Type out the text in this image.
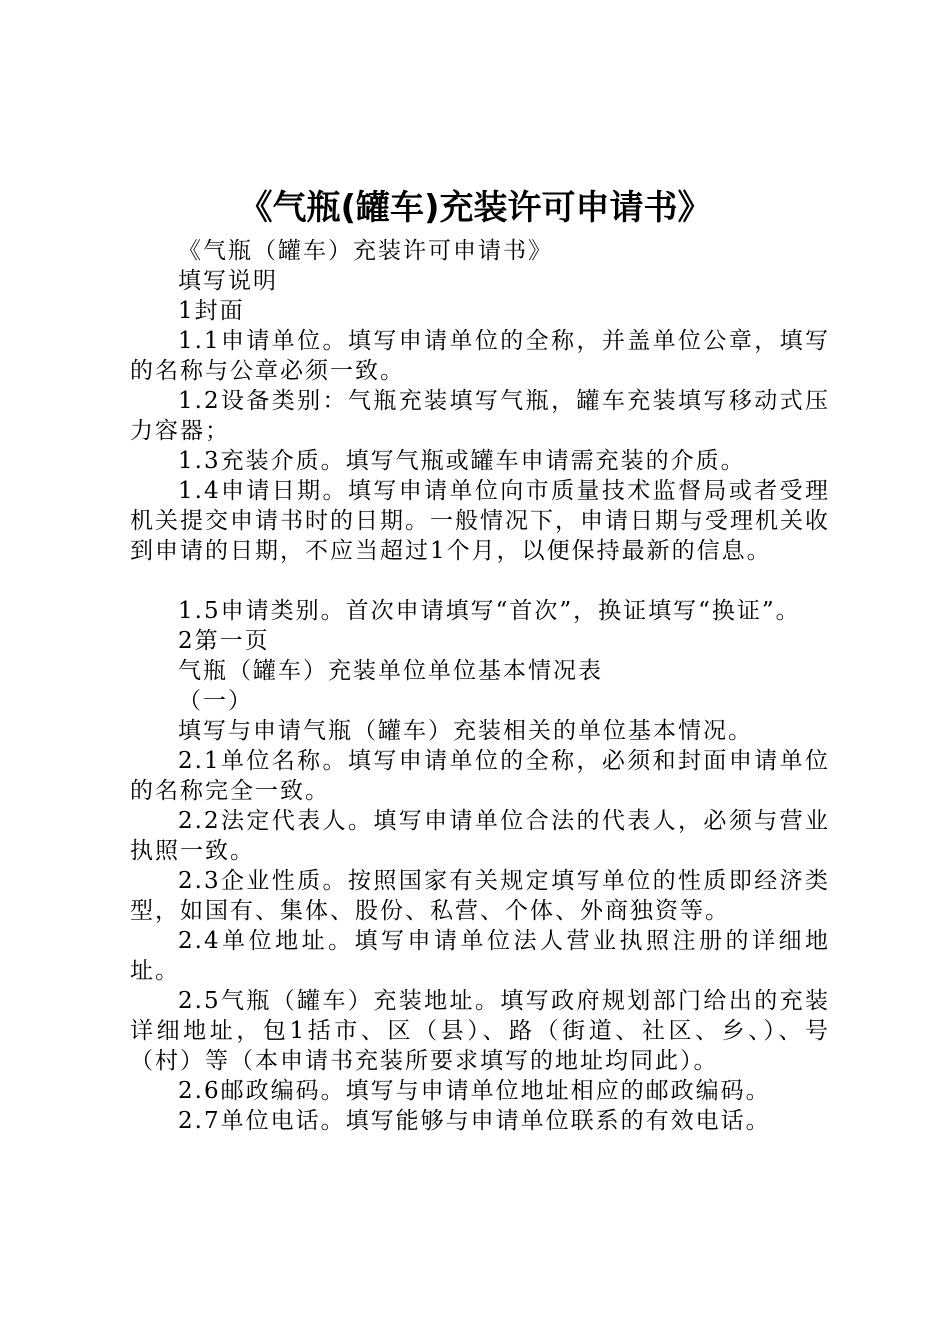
《气瓶(罐车)充装许可申请书》

《气瓶（罐车）充装许可申请书》

填写说明

1封面

1.1申请单位。填写申请单位的全称，并盖单位公章，填写的名称与公章必须一致。

1.2设备类别：气瓶充装填写气瓶，罐车充装填写移动式压力容器；

1.3充装介质。填写气瓶或罐车申请需充装的介质。

1.4申请日期。填写申请单位向市质量技术监督局或者受理机关提交申请书时的日期。一般情况下，申请日期与受理机关收到申请的日期，不应当超过1个月，以便保持最新的信息。

1.5申请类别。首次申请填写“首次”，换证填写“换证”。

2第一页

气瓶（罐车）充装单位单位基本情况表

（一）

填写与申请气瓶（罐车）充装相关的单位基本情况。

2.1单位名称。填写申请单位的全称，必须和封面申请单位的名称完全一致。

2.2法定代表人。填写申请单位合法的代表人，必须与营业执照一致。

2.3企业性质。按照国家有关规定填写单位的性质即经济类型，如国有、集体、股份、私营、个体、外商独资等。

2.4单位地址。填写申请单位法人营业执照注册的详细地址。

2.5气瓶（罐车）充装地址。填写政府规划部门给出的充装详细地址，包1括市、区（县）、路（街道、社区、乡、）、号（村）等（本申请书充装所要求填写的地址均同此）。

2.6邮政编码。填写与申请单位地址相应的邮政编码。

2.7单位电话。填写能够与申请单位联系的有效电话。
